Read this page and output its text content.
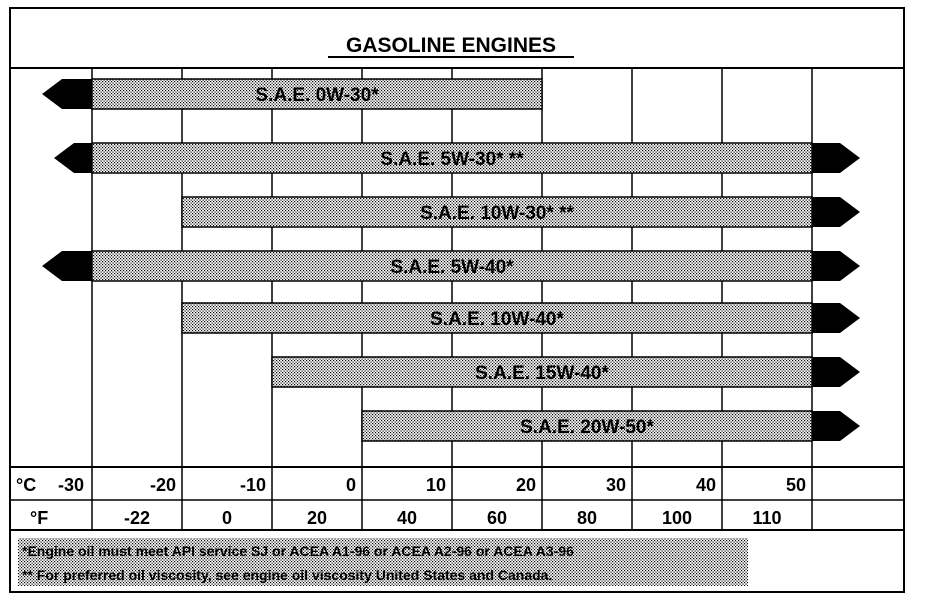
GASOLINE ENGINES
S.A.E. 0W-30*
S.A.E. 5W-30* **
S.A.E. 10W-30* **
S.A.E. 5W-40*
S.A.E. 10W-40*
S.A.E. 15W-40*
S.A.E. 20W-50*
°C -30	-20	-10	0	10	20	30	40	50
°F	-22	0	20	40	60	80	100	110
*Engine oil must meet API service SJ or ACEA A1-96 or ACEA A2-96 or ACEA A3-96
** For preferred oil viscosity, see engine oil viscosity United States and Canada.
